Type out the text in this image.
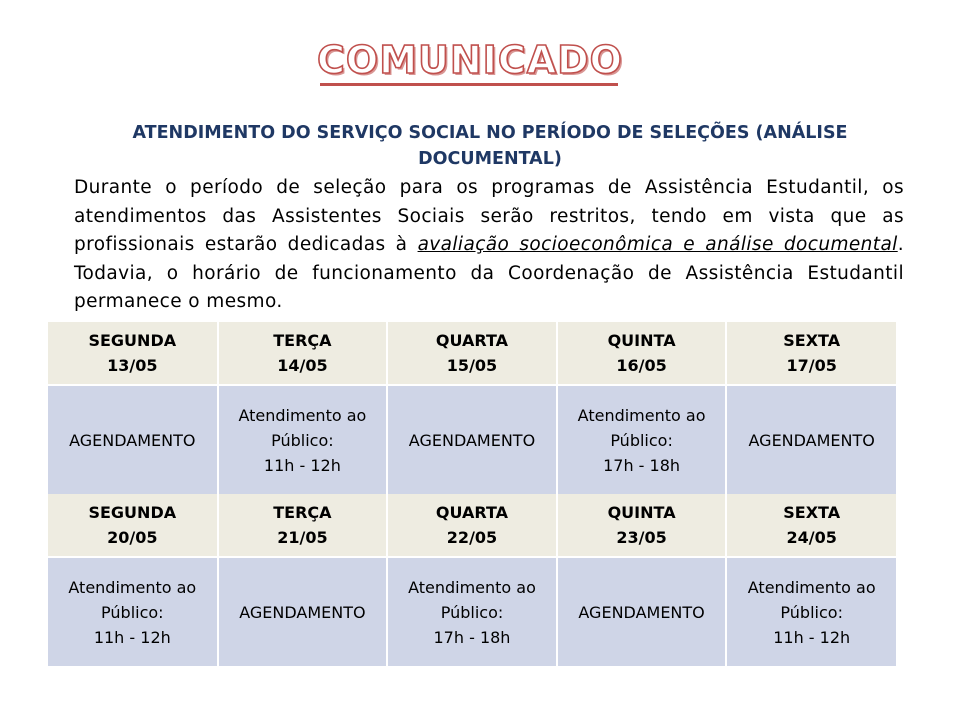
COMUNICADO
ATENDIMENTO DO SERVIÇO SOCIAL NO PERÍODO DE SELEÇÕES (ANÁLISE DOCUMENTAL)
Durante o período de seleção para os programas de Assistência Estudantil, os atendimentos das Assistentes Sociais serão restritos, tendo em vista que as profissionais estarão dedicadas à avaliação socioeconômica e análise documental. Todavia, o horário de funcionamento da Coordenação de Assistência Estudantil permanece o mesmo.
SEGUNDA
13/05	TERÇA
14/05	QUARTA
15/05	QUINTA
16/05	SEXTA
17/05

AGENDAMENTO	Atendimento ao
Público:
11h - 12h	AGENDAMENTO	Atendimento ao
Público:
17h - 18h	AGENDAMENTO
SEGUNDA
20/05	TERÇA
21/05	QUARTA
22/05	QUINTA
23/05	SEXTA
24/05

Atendimento ao
Público:
11h - 12h	AGENDAMENTO	Atendimento ao
Público:
17h - 18h	AGENDAMENTO	Atendimento ao
Público:
11h - 12h
